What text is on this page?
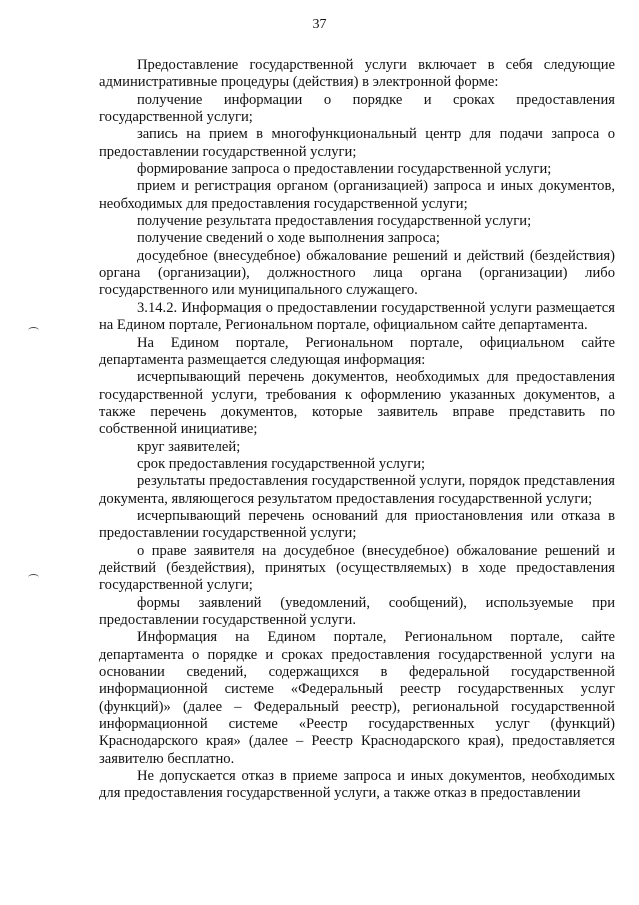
37

Предоставление государственной услуги включает в себя следующие административные процедуры (действия) в электронной форме:

получение информации о порядке и сроках предоставления государственной услуги;

запись на прием в многофункциональный центр для подачи запроса о предоставлении государственной услуги;

формирование запроса о предоставлении государственной услуги;

прием и регистрация органом (организацией) запроса и иных документов, необходимых для предоставления государственной услуги;

получение результата предоставления государственной услуги;

получение сведений о ходе выполнения запроса;

досудебное (внесудебное) обжалование решений и действий (бездействия) органа (организации), должностного лица органа (организации) либо государственного или муниципального служащего.

3.14.2. Информация о предоставлении государственной услуги размещается на Едином портале, Региональном портале, официальном сайте департамента.

На Едином портале, Региональном портале, официальном сайте департамента размещается следующая информация:

исчерпывающий перечень документов, необходимых для предоставления государственной услуги, требования к оформлению указанных документов, а также перечень документов, которые заявитель вправе представить по собственной инициативе;

круг заявителей;

срок предоставления государственной услуги;

результаты предоставления государственной услуги, порядок представления документа, являющегося результатом предоставления государственной услуги;

исчерпывающий перечень оснований для приостановления или отказа в предоставлении государственной услуги;

о праве заявителя на досудебное (внесудебное) обжалование решений и действий (бездействия), принятых (осуществляемых) в ходе предоставления государственной услуги;

формы заявлений (уведомлений, сообщений), используемые при предоставлении государственной услуги.

Информация на Едином портале, Региональном портале, сайте департамента о порядке и сроках предоставления государственной услуги на основании сведений, содержащихся в федеральной государственной информационной системе «Федеральный реестр государственных услуг (функций)» (далее – Федеральный реестр), региональной государственной информационной системе «Реестр государственных услуг (функций) Краснодарского края» (далее – Реестр Краснодарского края), предоставляется заявителю бесплатно.

Не допускается отказ в приеме запроса и иных документов, необходимых для предоставления государственной услуги, а также отказ в предоставлении
